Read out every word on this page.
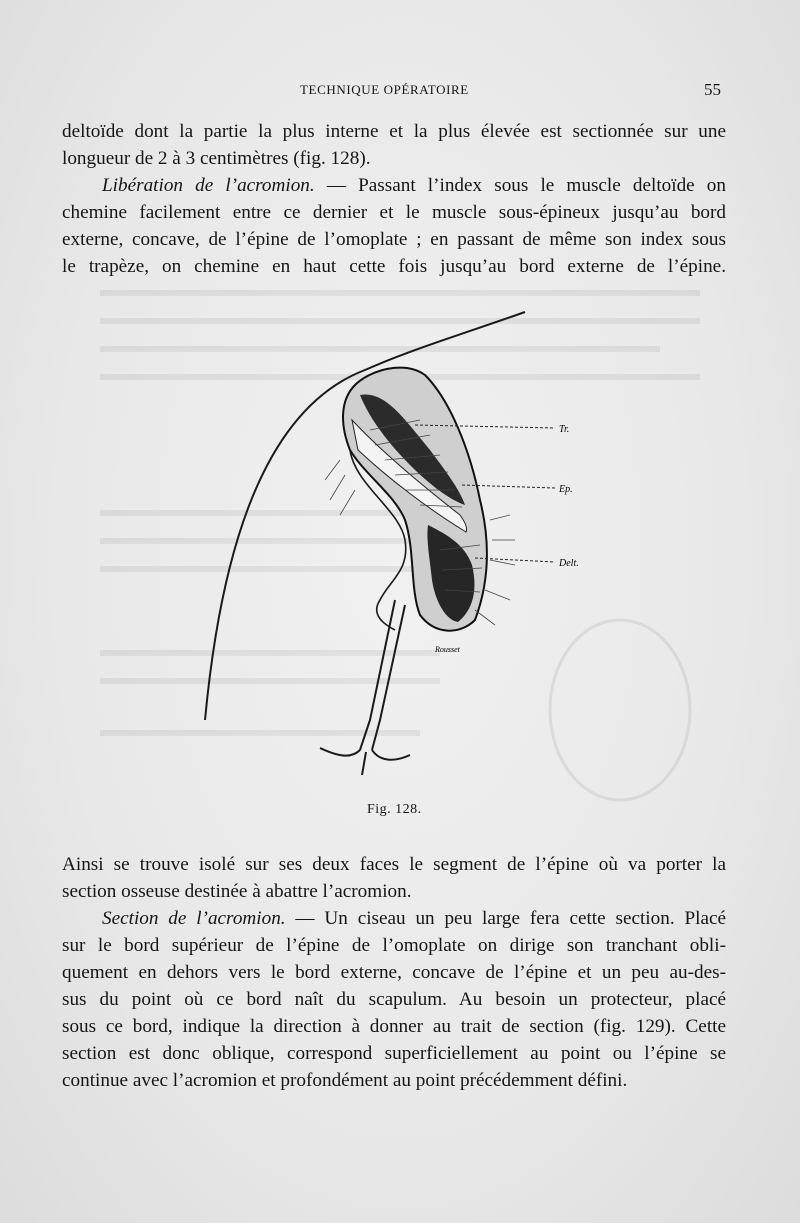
TECHNIQUE OPÉRATOIRE	55

deltoïde dont la partie la plus interne et la plus élevée est sectionnée sur une
longueur de 2 à 3 centimètres (fig. 128).

Libération de l’acromion. — Passant l’index sous le muscle deltoïde on
chemine facilement entre ce dernier et le muscle sous-épineux jusqu’au bord
externe, concave, de l’épine de l’omoplate ; en passant de même son index sous
le trapèze, on chemine en haut cette fois jusqu’au bord externe de l’épine.

Tr.
Ep.
Delt.
Rousset
Fig. 128.

Ainsi se trouve isolé sur ses deux faces le segment de l’épine où va porter la
section osseuse destinée à abattre l’acromion.

Section de l’acromion. — Un ciseau un peu large fera cette section. Placé
sur le bord supérieur de l’épine de l’omoplate on dirige son tranchant obli-
quement en dehors vers le bord externe, concave de l’épine et un peu au-des-
sus du point où ce bord naît du scapulum. Au besoin un protecteur, placé
sous ce bord, indique la direction à donner au trait de section (fig. 129). Cette
section est donc oblique, correspond superficiellement au point ou l’épine se
continue avec l’acromion et profondément au point précédemment défini.
